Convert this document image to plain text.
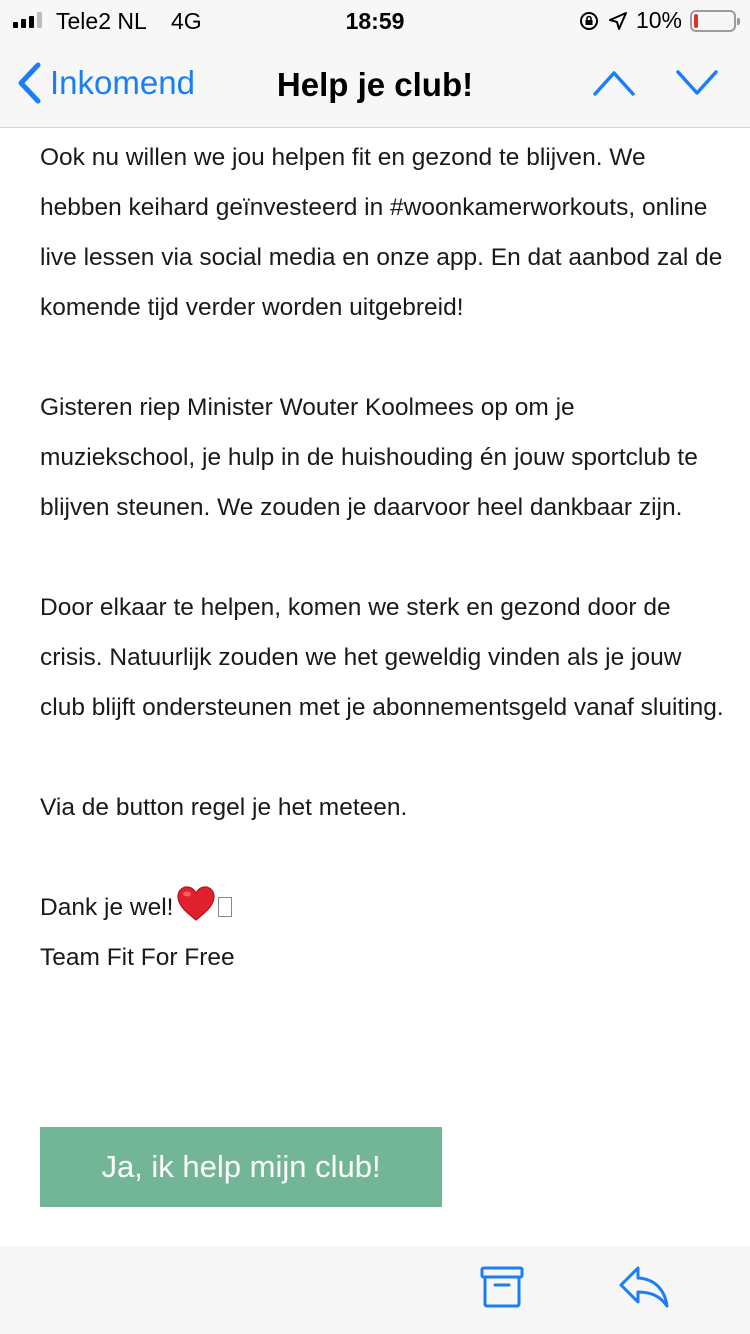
Tele2 NL 4G	18:59	10%
Inkomend	Help je club!

Ook nu willen we jou helpen fit en gezond te blijven. We hebben keihard geïnvesteerd in #woonkamerworkouts, online live lessen via social media en onze app. En dat aanbod zal de komende tijd verder worden uitgebreid!

Gisteren riep Minister Wouter Koolmees op om je muziekschool, je hulp in de huishouding én jouw sportclub te blijven steunen. We zouden je daarvoor heel dankbaar zijn.

Door elkaar te helpen, komen we sterk en gezond door de crisis. Natuurlijk zouden we het geweldig vinden als je jouw club blijft ondersteunen met je abonnementsgeld vanaf sluiting.

Via de button regel je het meteen.

Dank je wel!

Team Fit For Free

Ja, ik help mijn club!
